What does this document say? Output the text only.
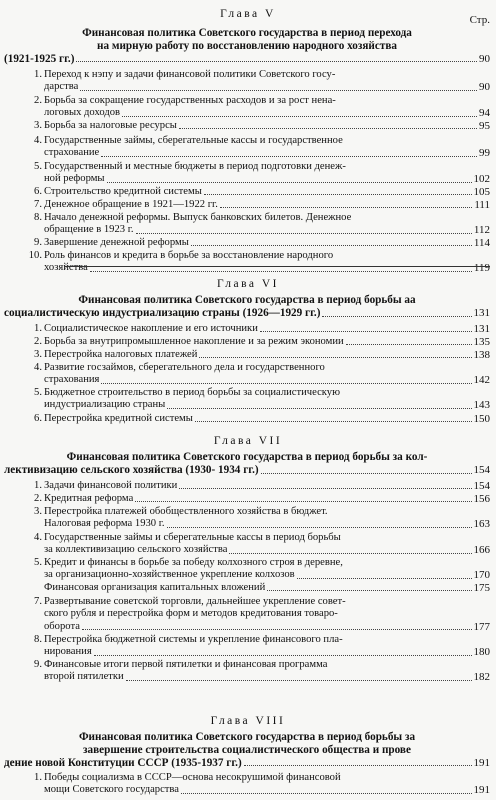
Стр.
Глава V
Финансовая политика Советского государства в период перехода
на мирную работу по восстановлению народного хозяйства
(1921-1925 гг.)	90
1. Переход к нэпу и задачи финансовой политики Советского госу-
дарства	90
2. Борьба за сокращение государственных расходов и за рост нена-
логовых доходов	94
3. Борьба за налоговые ресурсы	95
4. Государственные займы, сберегательные кассы и государственное
страхование	99
5. Государственный и местные бюджеты в период подготовки денеж-
ной реформы	102
6. Строительство кредитной системы	105
7. Денежное обращение в 1921—1922 гг.	111
8. Начало денежной реформы. Выпуск банковских билетов. Денежное
обращение в 1923 г.	112
9. Завершение денежной реформы	114
10. Роль финансов и кредита в борьбе за восстановление народного
хозяйства	119
Глава VI
Финансовая политика Советского государства в период борьбы аа
социалистическую индустриализацию страны (1926—1929 гг.)	131
1. Социалистическое накопление и его источники	131
2. Борьба за внутрипромышленное накопление и за режим экономии	135
3. Перестройка налоговых платежей	138
4. Развитие госзаймов, сберегательного дела и государственного
страхования	142
5. Бюджетное строительство в период борьбы за социалистическую
индустриализацию страны	143
6. Перестройка кредитной системы	150
Глава VII
Финансовая политика Советского государства в период борьбы за кол-
лективизацию сельского хозяйства (1930- 1934 гг.)	154
1. Задачи финансовой политики	154
2. Кредитная реформа	156
3. Перестройка платежей обобществленного хозяйства в бюджет.
Налоговая реформа 1930 г.	163
4. Государственные займы и сберегательные кассы в период борьбы
за коллективизацию сельского хозяйства	166
5. Кредит и финансы в борьбе за победу колхозного строя в деревне,
за организационно-хозяйственное укрепление колхозов	170
Финансовая организация капитальных вложений	175
7. Развертывание советской торговли, дальнейшее укрепление совет-
ского рубля и перестройка форм и методов кредитования товаро-
оборота	177
8. Перестройка бюджетной системы и укрепление финансового пла-
нирования	180
9. Финансовые итоги первой пятилетки и финансовая программа
второй пятилетки	182
Глава VIII
Финансовая политика Советского государства в период борьбы за
завершение строительства социалистического общества и прове
дение новой Конституции СССР (1935-1937 гг.)	191
1. Победы социализма в СССР—основа несокрушимой финансовой
мощи Советского государства	191
